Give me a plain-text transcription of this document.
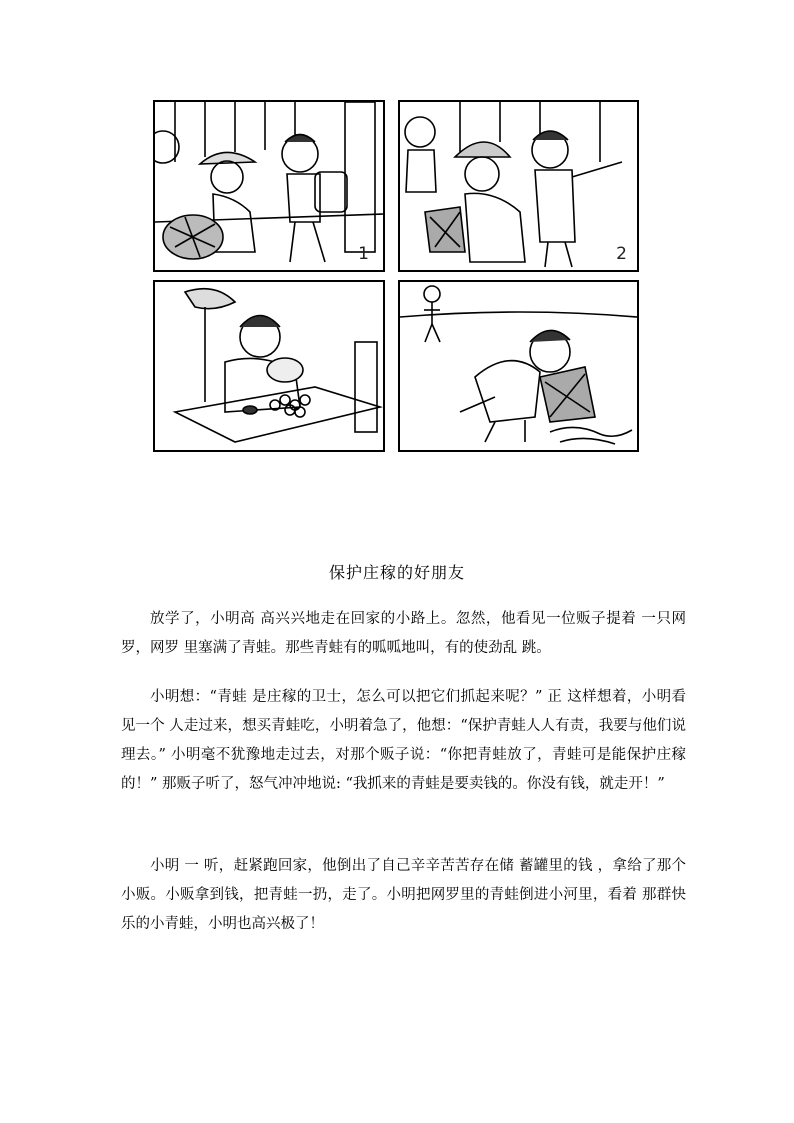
1	2
保护庄稼的好朋友

放学了，小明高 高兴兴地走在回家的小路上。忽然，他看见一位贩子提着 一只网罗，网罗 里塞满了青蛙。那些青蛙有的呱呱地叫，有的使劲乱 跳。

小明想：“青蛙 是庄稼的卫士，怎么可以把它们抓起来呢？” 正 这样想着，小明看见一个 人走过来，想买青蛙吃，小明着急了，他想：“保护青蛙人人有责，我要与他们说 理去。” 小明毫不犹豫地走过去，对那个贩子说：“你把青蛙放了，青蛙可是能保护庄稼的！” 那贩子听了，怒气冲冲地说: “我抓来的青蛙是要卖钱的。你没有钱，就走开！”

小明 一 听，赶紧跑回家，他倒出了自己辛辛苦苦存在储 蓄罐里的钱 ，拿给了那个小贩。小贩拿到钱，把青蛙一扔，走了。小明把网罗里的青蛙倒进小河里，看着 那群快乐的小青蛙，小明也高兴极了！
